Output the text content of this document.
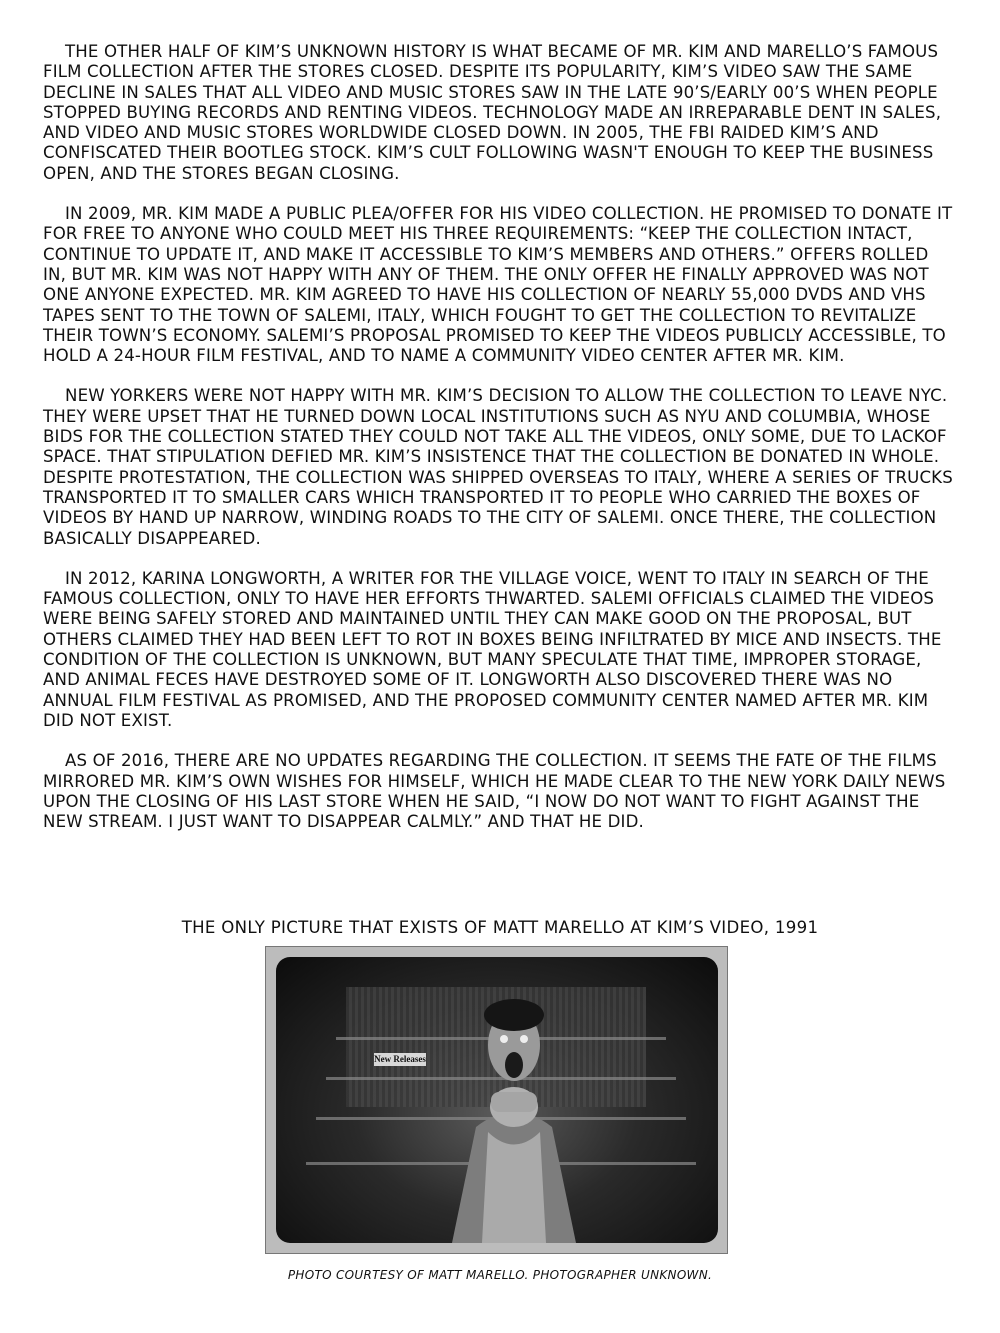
THE OTHER HALF OF KIM’S UNKNOWN HISTORY IS WHAT BECAME OF MR. KIM AND MARELLO’S FAMOUS FILM COLLECTION AFTER THE STORES CLOSED. DESPITE ITS POPULARITY, KIM’S VIDEO SAW THE SAME DECLINE IN SALES THAT ALL VIDEO AND MUSIC STORES SAW IN THE LATE 90’S/EARLY 00’S WHEN PEOPLE STOPPED BUYING RECORDS AND RENTING VIDEOS. TECHNOLOGY MADE AN IRREPARABLE DENT IN SALES, AND VIDEO AND MUSIC STORES WORLDWIDE CLOSED DOWN. IN 2005, THE FBI RAIDED KIM’S AND CONFISCATED THEIR BOOTLEG STOCK. KIM’S CULT FOLLOWING WASN'T ENOUGH TO KEEP THE BUSINESS OPEN, AND THE STORES BEGAN CLOSING.

IN 2009, MR. KIM MADE A PUBLIC PLEA/OFFER FOR HIS VIDEO COLLECTION. HE PROMISED TO DONATE IT FOR FREE TO ANYONE WHO COULD MEET HIS THREE REQUIREMENTS: “KEEP THE COLLECTION INTACT, CONTINUE TO UPDATE IT, AND MAKE IT ACCESSIBLE TO KIM’S MEMBERS AND OTHERS.” OFFERS ROLLED IN, BUT MR. KIM WAS NOT HAPPY WITH ANY OF THEM. THE ONLY OFFER HE FINALLY APPROVED WAS NOT ONE ANYONE EXPECTED. MR. KIM AGREED TO HAVE HIS COLLECTION OF NEARLY 55,000 DVDS AND VHS TAPES SENT TO THE TOWN OF SALEMI, ITALY, WHICH FOUGHT TO GET THE COLLECTION TO REVITALIZE THEIR TOWN’S ECONOMY. SALEMI’S PROPOSAL PROMISED TO KEEP THE VIDEOS PUBLICLY ACCESSIBLE, TO HOLD A 24-HOUR FILM FESTIVAL, AND TO NAME A COMMUNITY VIDEO CENTER AFTER MR. KIM.

NEW YORKERS WERE NOT HAPPY WITH MR. KIM’S DECISION TO ALLOW THE COLLECTION TO LEAVE NYC. THEY WERE UPSET THAT HE TURNED DOWN LOCAL INSTITUTIONS SUCH AS NYU AND COLUMBIA, WHOSE BIDS FOR THE COLLECTION STATED THEY COULD NOT TAKE ALL THE VIDEOS, ONLY SOME, DUE TO LACKOF SPACE. THAT STIPULATION DEFIED MR. KIM’S INSISTENCE THAT THE COLLECTION BE DONATED IN WHOLE. DESPITE PROTESTATION, THE COLLECTION WAS SHIPPED OVERSEAS TO ITALY, WHERE A SERIES OF TRUCKS TRANSPORTED IT TO SMALLER CARS WHICH TRANSPORTED IT TO PEOPLE WHO CARRIED THE BOXES OF VIDEOS BY HAND UP NARROW, WINDING ROADS TO THE CITY OF SALEMI. ONCE THERE, THE COLLECTION BASICALLY DISAPPEARED.

IN 2012, KARINA LONGWORTH, A WRITER FOR THE VILLAGE VOICE, WENT TO ITALY IN SEARCH OF THE FAMOUS COLLECTION, ONLY TO HAVE HER EFFORTS THWARTED. SALEMI OFFICIALS CLAIMED THE VIDEOS WERE BEING SAFELY STORED AND MAINTAINED UNTIL THEY CAN MAKE GOOD ON THE PROPOSAL, BUT OTHERS CLAIMED THEY HAD BEEN LEFT TO ROT IN BOXES BEING INFILTRATED BY MICE AND INSECTS. THE CONDITION OF THE COLLECTION IS UNKNOWN, BUT MANY SPECULATE THAT TIME, IMPROPER STORAGE, AND ANIMAL FECES HAVE DESTROYED SOME OF IT. LONGWORTH ALSO DISCOVERED THERE WAS NO ANNUAL FILM FESTIVAL AS PROMISED, AND THE PROPOSED COMMUNITY CENTER NAMED AFTER MR. KIM DID NOT EXIST.

AS OF 2016, THERE ARE NO UPDATES REGARDING THE COLLECTION. IT SEEMS THE FATE OF THE FILMS MIRRORED MR. KIM’S OWN WISHES FOR HIMSELF, WHICH HE MADE CLEAR TO THE NEW YORK DAILY NEWS UPON THE CLOSING OF HIS LAST STORE WHEN HE SAID, “I NOW DO NOT WANT TO FIGHT AGAINST THE NEW STREAM. I JUST WANT TO DISAPPEAR CALMLY.” AND THAT HE DID.

THE ONLY PICTURE THAT EXISTS OF MATT MARELLO AT KIM’S VIDEO, 1991
New Releases
PHOTO COURTESY OF MATT MARELLO. PHOTOGRAPHER UNKNOWN.
